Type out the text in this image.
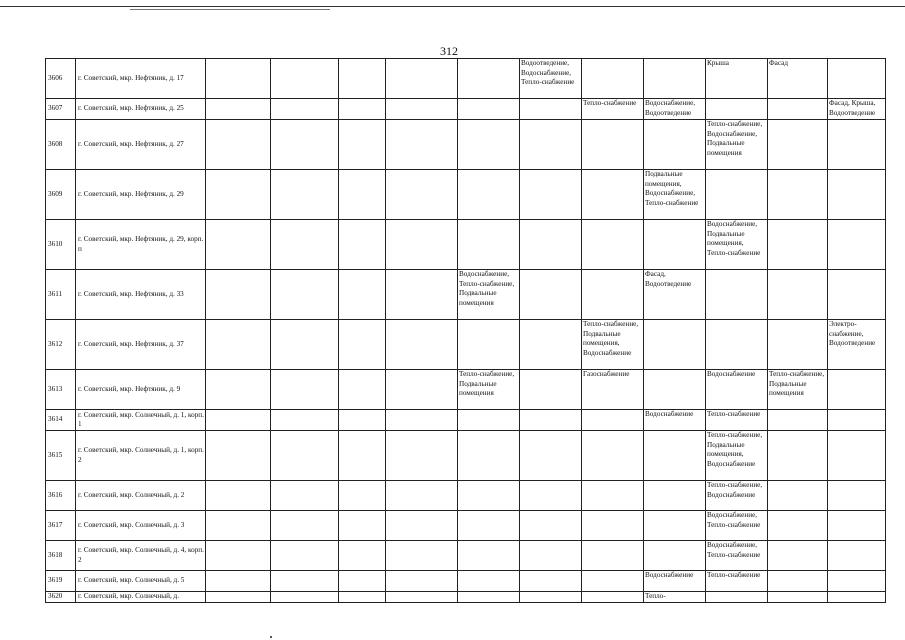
312
3606	г. Советский, мкр. Нефтяник, д. 17						Водоотведение, Водоснабжение, Тепло-снабжение			Крыша	Фасад	
3607	г. Советский, мкр. Нефтяник, д. 25							Тепло-снабжение	Водоснабжение, Водоотведение			Фасад, Крыша, Водоотведение
3608	г. Советский, мкр. Нефтяник, д. 27									Тепло-снабжение, Водоснабжение, Подвальные помещения		
3609	г. Советский, мкр. Нефтяник, д. 29								Подвальные помещения, Водоснабжение, Тепло-снабжение			
3610	г. Советский, мкр. Нефтяник, д. 29, корп. п									Водоснабжение, Подвальные помещения, Тепло-снабжение		
3611	г. Советский, мкр. Нефтяник, д. 33					Водоснабжение, Тепло-снабжение, Подвальные помещения			Фасад, Водоотведение			
3612	г. Советский, мкр. Нефтяник, д. 37							Тепло-снабжение, Подвальные помещения, Водоснабжение				Электро-снабжение, Водоотведение
3613	г. Советский, мкр. Нефтяник, д. 9					Тепло-снабжение, Подвальные помещения		Газоснабжение		Водоснабжение	Тепло-снабжение, Подвальные помещения	
3614	г. Советский, мкр. Солнечный, д. 1, корп. 1								Водоснабжение	Тепло-снабжение		
3615	г. Советский, мкр. Солнечный, д. 1, корп. 2									Тепло-снабжение, Подвальные помещения, Водоснабжение		
3616	г. Советский, мкр. Солнечный, д. 2									Тепло-снабжение, Водоснабжение		
3617	г. Советский, мкр. Солнечный, д. 3									Водоснабжение, Тепло-снабжение		
3618	г. Советский, мкр. Солнечный, д. 4, корп. 2									Водоснабжение, Тепло-снабжение		
3619	г. Советский, мкр. Солнечный, д. 5								Водоснабжение	Тепло-снабжение		
3620	г. Советский, мкр. Солнечный, д.								Тепло-			
